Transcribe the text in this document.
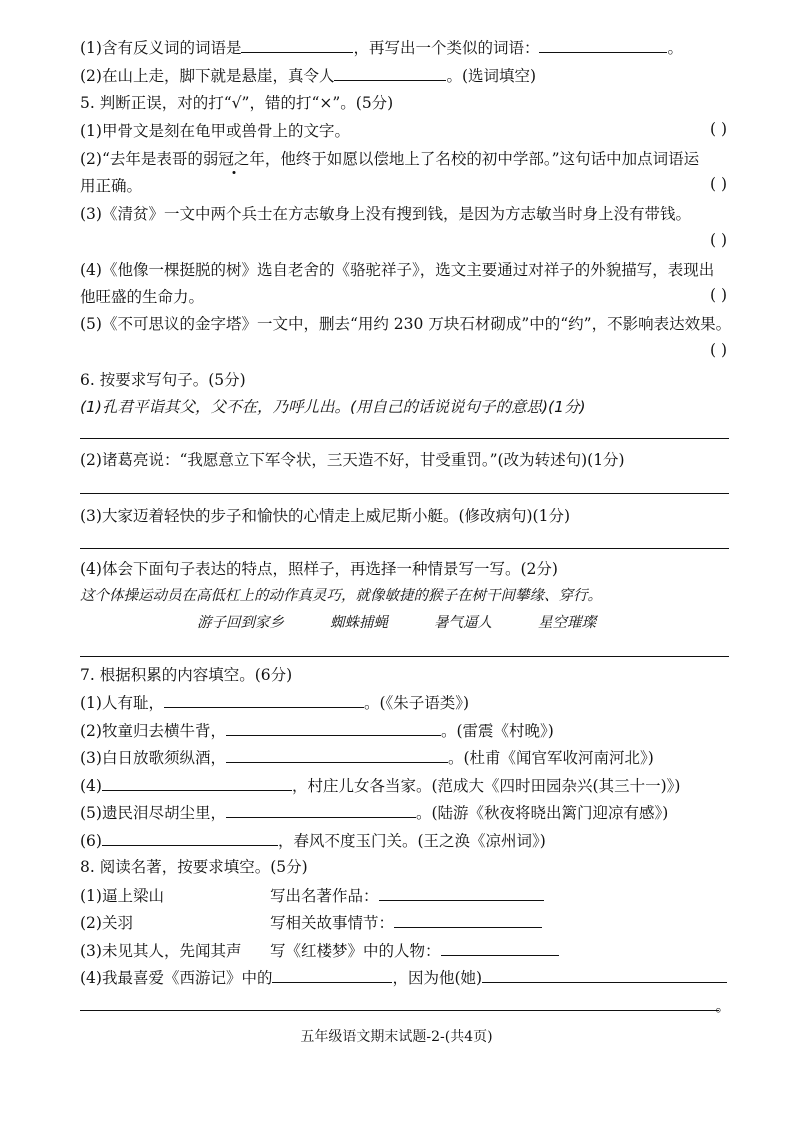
(1)含有反义词的词语是	，再写出一个类似的词语：	。
(2)在山上走，脚下就是悬崖，真令人	。(选词填空)
5. 判断正误，对的打“√”，错的打“×”。(5分)
(1)甲骨文是刻在龟甲或兽骨上的文字。	( )
(2)“去年是表哥的弱冠之年，他终于如愿以偿地上了名校的初中学部。”这句话中加点词语运
用正确。	( )
(3)《清贫》一文中两个兵士在方志敏身上没有搜到钱，是因为方志敏当时身上没有带钱。
( )
(4)《他像一棵挺脱的树》选自老舍的《骆驼祥子》，选文主要通过对祥子的外貌描写，表现出
他旺盛的生命力。	( )
(5)《不可思议的金字塔》一文中，删去“用约 230 万块石材砌成”中的“约”，不影响表达效果。
( )
6. 按要求写句子。(5分)
(1)孔君平诣其父，父不在，乃呼儿出。(用自己的话说说句子的意思)(1分)
(2)诸葛亮说：“我愿意立下军令状，三天造不好，甘受重罚。”(改为转述句)(1分)
(3)大家迈着轻快的步子和愉快的心情走上威尼斯小艇。(修改病句)(1分)
(4)体会下面句子表达的特点，照样子，再选择一种情景写一写。(2分)
这个体操运动员在高低杠上的动作真灵巧，就像敏捷的猴子在树干间攀缘、穿行。
游子回到家乡	蜘蛛捕蝇	暑气逼人	星空璀璨
7. 根据积累的内容填空。(6分)
(1)人有耻，	。(《朱子语类》)
(2)牧童归去横牛背，	。(雷震《村晚》)
(3)白日放歌须纵酒，	。(杜甫《闻官军收河南河北》)
(4)	，村庄儿女各当家。(范成大《四时田园杂兴(其三十一)》)
(5)遗民泪尽胡尘里，	。(陆游《秋夜将晓出篱门迎凉有感》)
(6)	，春风不度玉门关。(王之涣《凉州词》)
8. 阅读名著，按要求填空。(5分)
(1)逼上梁山	写出名著作品：
(2)关羽	写相关故事情节：
(3)未见其人，先闻其声 写《红楼梦》中的人物：
(4)我最喜爱《西游记》中的	，因为他(她)
。
五年级语文期末试题-2-(共4页)
